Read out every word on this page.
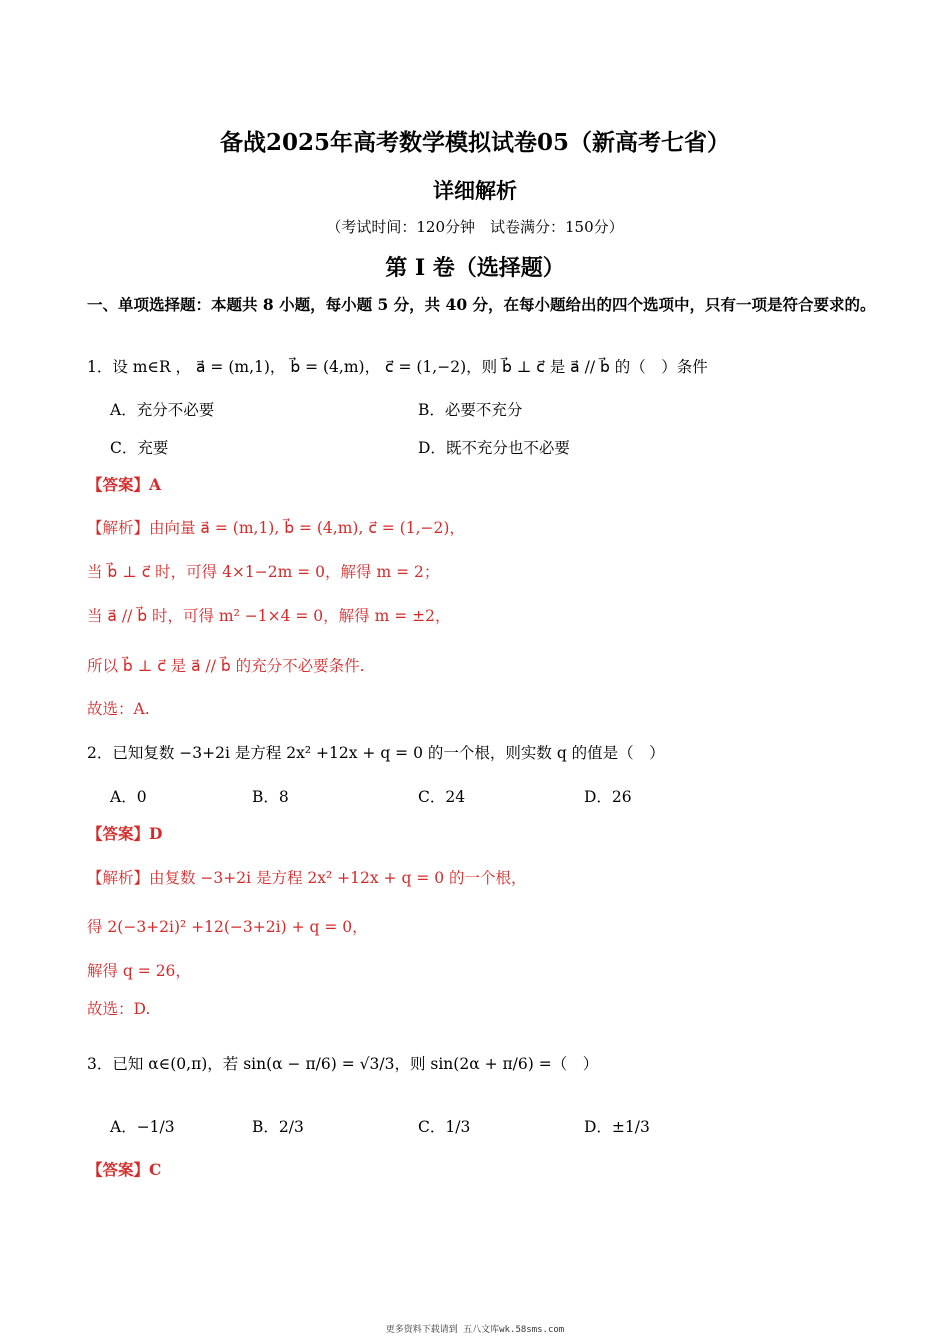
备战2025年高考数学模拟试卷05（新高考七省）
详细解析
（考试时间：120分钟　试卷满分：150分）
第 I 卷（选择题）
一、单项选择题：本题共 8 小题，每小题 5 分，共 40 分，在每小题给出的四个选项中，只有一项是符合要求的。
1．设 m∈R ， a⃗ = (m,1)， b⃗ = (4,m)， c⃗ = (1,−2)，则 b⃗ ⊥ c⃗ 是 a⃗ // b⃗ 的（　）条件
A．充分不必要	B．必要不充分
C．充要	D．既不充分也不必要
【答案】A
【解析】由向量 a⃗ = (m,1), b⃗ = (4,m), c⃗ = (1,−2)，
当 b⃗ ⊥ c⃗ 时，可得 4×1−2m = 0，解得 m = 2；
当 a⃗ // b⃗ 时，可得 m² −1×4 = 0，解得 m = ±2，
所以 b⃗ ⊥ c⃗ 是 a⃗ // b⃗ 的充分不必要条件.
故选：A.
2．已知复数 −3+2i 是方程 2x² +12x + q = 0 的一个根，则实数 q 的值是（　）
A．0	B．8	C．24	D．26
【答案】D
【解析】由复数 −3+2i 是方程 2x² +12x + q = 0 的一个根，
得 2(−3+2i)² +12(−3+2i) + q = 0，
解得 q = 26，
故选：D.
3．已知 α∈(0,π)，若 sin(α − π/6) = √3/3，则 sin(2α + π/6) =（　）
A．−1/3	B．2/3	C．1/3	D．±1/3
【答案】C
更多资料下载请到 五八文库wk.58sms.com
